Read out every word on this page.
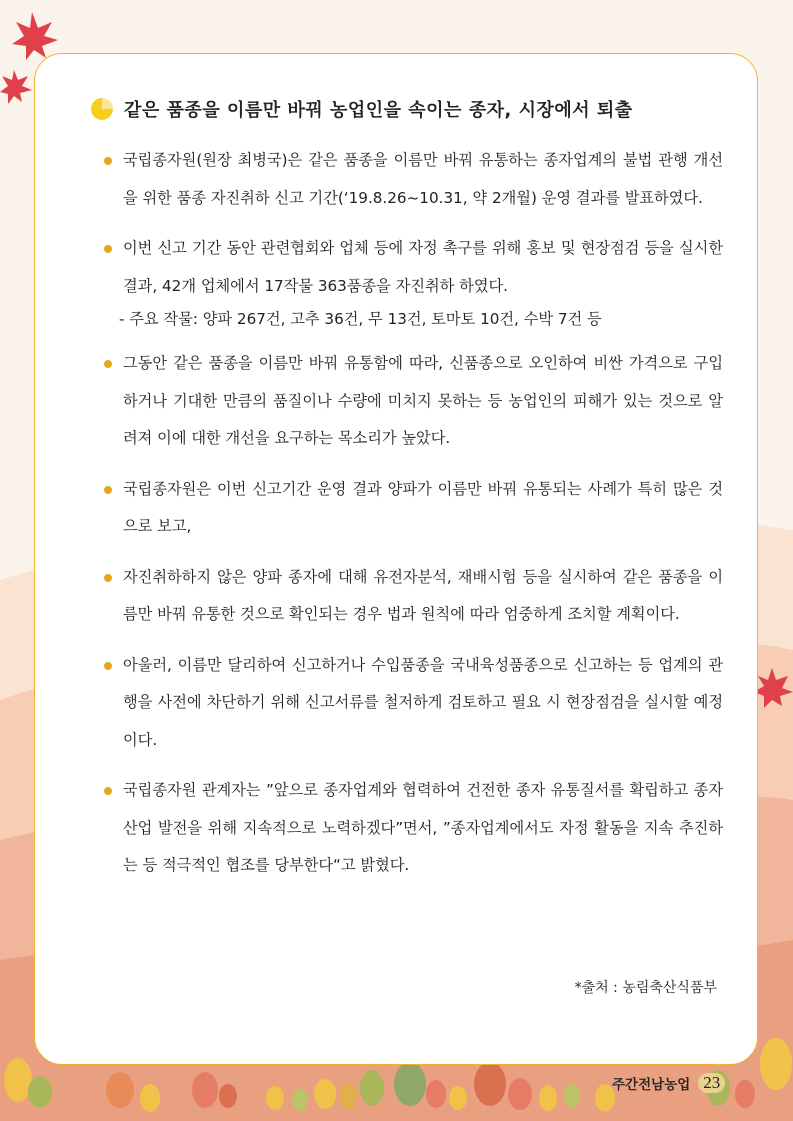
같은 품종을 이름만 바꿔 농업인을 속이는 종자, 시장에서 퇴출
국립종자원(원장 최병국)은 같은 품종을 이름만 바꿔 유통하는 종자업계의 불법 관행 개선을 위한 품종 자진취하 신고 기간(‘19.8.26~10.31, 약 2개월) 운영 결과를 발표하였다.
이번 신고 기간 동안 관련협회와 업체 등에 자정 촉구를 위해 홍보 및 현장점검 등을 실시한 결과, 42개 업체에서 17작물 363품종을 자진취하 하였다.
- 주요 작물: 양파 267건, 고추 36건, 무 13건, 토마토 10건, 수박 7건 등
그동안 같은 품종을 이름만 바꿔 유통함에 따라, 신품종으로 오인하여 비싼 가격으로 구입하거나 기대한 만큼의 품질이나 수량에 미치지 못하는 등 농업인의 피해가 있는 것으로 알려져 이에 대한 개선을 요구하는 목소리가 높았다.
국립종자원은 이번 신고기간 운영 결과 양파가 이름만 바꿔 유통되는 사례가 특히 많은 것으로 보고,
자진취하하지 않은 양파 종자에 대해 유전자분석, 재배시험 등을 실시하여 같은 품종을 이름만 바꿔 유통한 것으로 확인되는 경우 법과 원칙에 따라 엄중하게 조치할 계획이다.
아울러, 이름만 달리하여 신고하거나 수입품종을 국내육성품종으로 신고하는 등 업계의 관행을 사전에 차단하기 위해 신고서류를 철저하게 검토하고 필요 시 현장점검을 실시할 예정이다.
국립종자원 관계자는 ”앞으로 종자업계와 협력하여 건전한 종자 유통질서를 확립하고 종자산업 발전을 위해 지속적으로 노력하겠다”면서, ”종자업계에서도 자정 활동을 지속 추진하는 등 적극적인 협조를 당부한다“고 밝혔다.
*출처 : 농림축산식품부
주간전남농업 23
